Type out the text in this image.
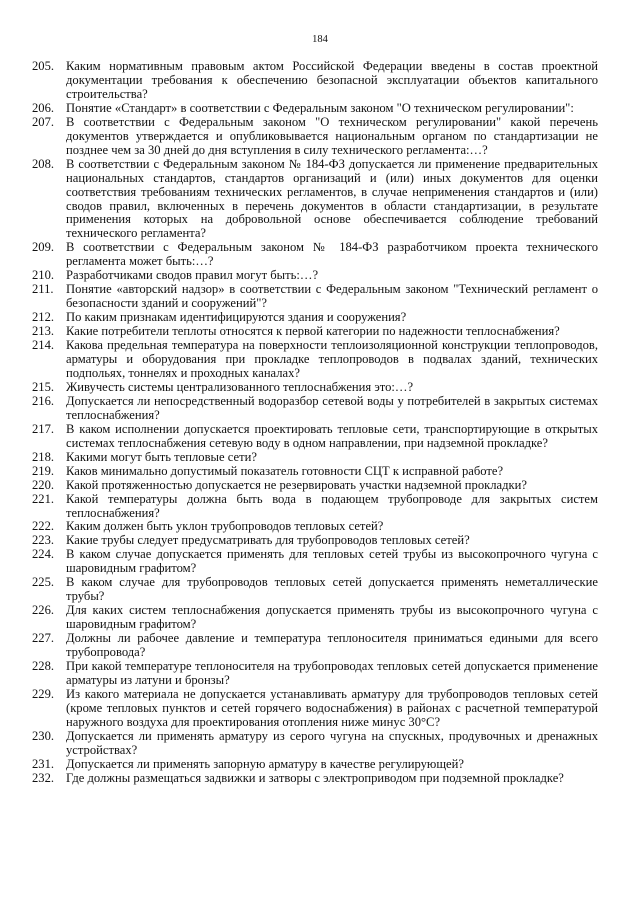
184
205. Каким нормативным правовым актом Российской Федерации введены в состав проектной документации требования к обеспечению безопасной эксплуатации объектов капитального строительства?
206. Понятие «Стандарт» в соответствии с Федеральным законом "О техническом регулировании":
207. В соответствии с Федеральным законом "О техническом регулировании" какой перечень документов утверждается и опубликовывается национальным органом по стандартизации не позднее чем за 30 дней до дня вступления в силу технического регламента:…?
208. В соответствии с Федеральным законом № 184-ФЗ допускается ли применение предварительных национальных стандартов, стандартов организаций и (или) иных документов для оценки соответствия требованиям технических регламентов, в случае неприменения стандартов и (или) сводов правил, включенных в перечень документов в области стандартизации, в результате применения которых на добровольной основе обеспечивается соблюдение требований технического регламента?
209. В соответствии с Федеральным законом № 184-ФЗ разработчиком проекта технического регламента может быть:…?
210. Разработчиками сводов правил могут быть:…?
211. Понятие «авторский надзор» в соответствии с Федеральным законом "Технический регламент о безопасности зданий и сооружений"?
212. По каким признакам идентифицируются здания и сооружения?
213. Какие потребители теплоты относятся к первой категории по надежности теплоснабжения?
214. Какова предельная температура на поверхности теплоизоляционной конструкции теплопроводов, арматуры и оборудования при прокладке теплопроводов в подвалах зданий, технических подпольях, тоннелях и проходных каналах?
215. Живучесть системы централизованного теплоснабжения это:…?
216. Допускается ли непосредственный водоразбор сетевой воды у потребителей в закрытых системах теплоснабжения?
217. В каком исполнении допускается проектировать тепловые сети, транспортирующие в открытых системах теплоснабжения сетевую воду в одном направлении, при надземной прокладке?
218. Какими могут быть тепловые сети?
219. Каков минимально допустимый показатель готовности СЦТ к исправной работе?
220. Какой протяженностью допускается не резервировать участки надземной прокладки?
221. Какой температуры должна быть вода в подающем трубопроводе для закрытых систем теплоснабжения?
222. Каким должен быть уклон трубопроводов тепловых сетей?
223. Какие трубы следует предусматривать для трубопроводов тепловых сетей?
224. В каком случае допускается применять для тепловых сетей трубы из высокопрочного чугуна с шаровидным графитом?
225. В каком случае для трубопроводов тепловых сетей допускается применять неметаллические трубы?
226. Для каких систем теплоснабжения допускается применять трубы из высокопрочного чугуна с шаровидным графитом?
227. Должны ли рабочее давление и температура теплоносителя приниматься едиными для всего трубопровода?
228. При какой температуре теплоносителя на трубопроводах тепловых сетей допускается применение арматуры из латуни и бронзы?
229. Из какого материала не допускается устанавливать арматуру для трубопроводов тепловых сетей (кроме тепловых пунктов и сетей горячего водоснабжения) в районах с расчетной температурой наружного воздуха для проектирования отопления ниже минус 30°С?
230. Допускается ли применять арматуру из серого чугуна на спускных, продувочных и дренажных устройствах?
231. Допускается ли применять запорную арматуру в качестве регулирующей?
232. Где должны размещаться задвижки и затворы с электроприводом при подземной прокладке?
